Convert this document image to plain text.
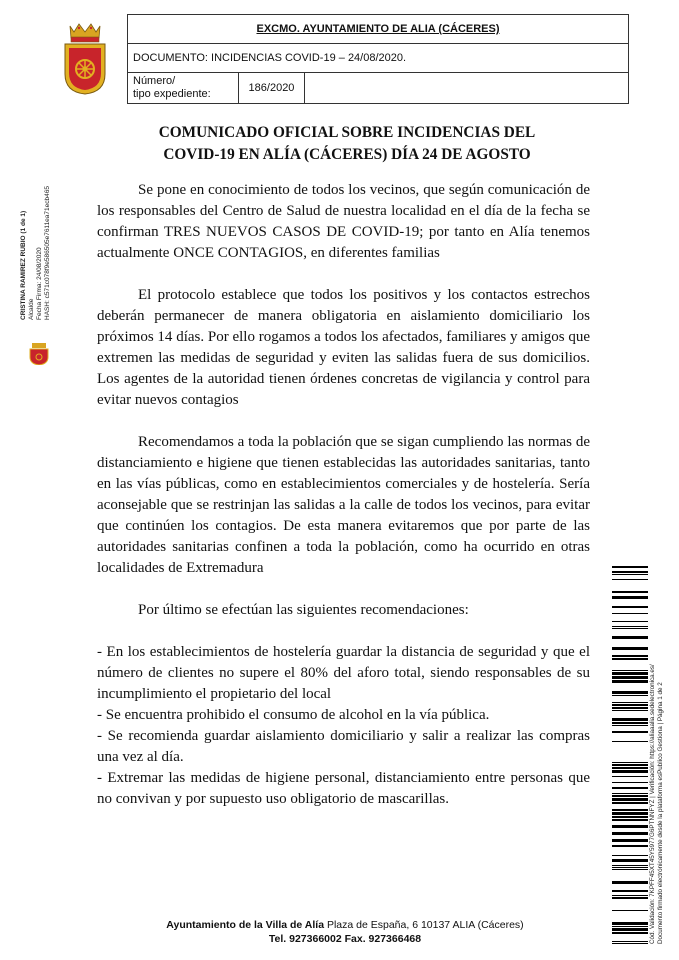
EXCMO. AYUNTAMIENTO DE ALIA (CÁCERES)
DOCUMENTO: INCIDENCIAS COVID-19 – 24/08/2020.
Número/
tipo expediente:	186/2020	
CRISTINA RAMIREZ RUBIO (1 de 1) Alcalde Fecha Firma: 24/08/2020 HASH: c571c078f9e586505e7611ea71ecb465
COMUNICADO OFICIAL SOBRE INCIDENCIAS DEL
COVID-19 EN ALÍA (CÁCERES) DÍA 24 DE AGOSTO

Se pone en conocimiento de todos los vecinos, que según comunicación de los responsables del Centro de Salud de nuestra localidad en el día de la fecha se confirman TRES NUEVOS CASOS DE COVID-19; por tanto en Alía tenemos actualmente ONCE CONTAGIOS, en diferentes familias

El protocolo establece que todos los positivos y los contactos estrechos deberán permanecer de manera obligatoria en aislamiento domiciliario los próximos 14 días. Por ello rogamos a todos los afectados, familiares y amigos que extremen las medidas de seguridad y eviten las salidas fuera de sus domicilios. Los agentes de la autoridad tienen órdenes concretas de vigilancia y control para evitar nuevos contagios

Recomendamos a toda la población que se sigan cumpliendo las normas de distanciamiento e higiene que tienen establecidas las autoridades sanitarias, tanto en las vías públicas, como en establecimientos comerciales y de hostelería. Sería aconsejable que se restrinjan las salidas a la calle de todos los vecinos, para evitar que continúen los contagios. De esta manera evitaremos que por parte de las autoridades sanitarias confinen a toda la población, como ha ocurrido en otras localidades de Extremadura

Por último se efectúan las siguientes recomendaciones:

- En los establecimientos de hostelería guardar la distancia de seguridad y que el número de clientes no supere el 80% del aforo total, siendo responsables de su incumplimiento el propietario del local
- Se encuentra prohibido el consumo de alcohol en la vía pública.
- Se recomienda guardar aislamiento domiciliario y salir a realizar las compras una vez al día.
- Extremar las medidas de higiene personal, distanciamiento entre personas que no convivan y por supuesto uso obligatorio de mascarillas.
Ayuntamiento de la Villa de Alía Plaza de España, 6 10137 ALIA (Cáceres)
Tel. 927366002 Fax. 927366468	Cód. Validación: 7KPFF45XT45Y5977G6PTNNFYZ | Verificación: https://aliaaalia.sedelectronica.es/ Documento firmado electrónicamente desde la plataforma esPublico Gestiona | Página 1 de 2
